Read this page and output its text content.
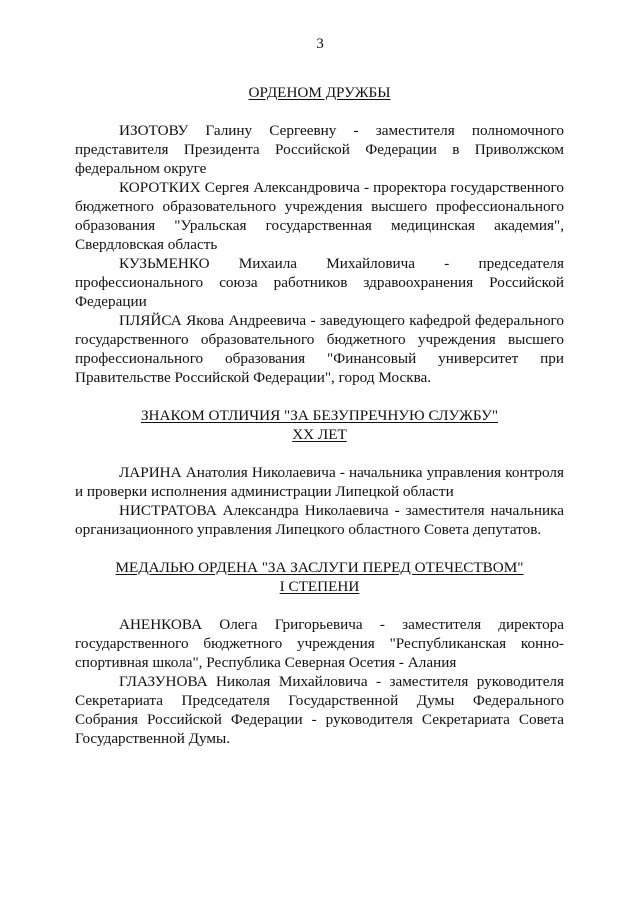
3
ОРДЕНОМ ДРУЖБЫ

ИЗОТОВУ Галину Сергеевну - заместителя полномочного представителя Президента Российской Федерации в Приволжском федеральном округе

КОРОТКИХ Сергея Александровича - проректора государственного бюджетного образовательного учреждения высшего профессионального образования "Уральская государственная медицинская академия", Свердловская область

КУЗЬМЕНКО Михаила Михайловича - председателя профессионального союза работников здравоохранения Российской Федерации

ПЛЯЙСА Якова Андреевича - заведующего кафедрой федерального государственного образовательного бюджетного учреждения высшего профессионального образования "Финансовый университет при Правительстве Российской Федерации", город Москва.

ЗНАКОМ ОТЛИЧИЯ "ЗА БЕЗУПРЕЧНУЮ СЛУЖБУ"
XX ЛЕТ

ЛАРИНА Анатолия Николаевича - начальника управления контроля и проверки исполнения администрации Липецкой области

НИСТРАТОВА Александра Николаевича - заместителя начальника организационного управления Липецкого областного Совета депутатов.

МЕДАЛЬЮ ОРДЕНА "ЗА ЗАСЛУГИ ПЕРЕД ОТЕЧЕСТВОМ"
I СТЕПЕНИ

АНЕНКОВА Олега Григорьевича - заместителя директора государственного бюджетного учреждения "Республиканская конно-спортивная школа", Республика Северная Осетия - Алания

ГЛАЗУНОВА Николая Михайловича - заместителя руководителя Секретариата Председателя Государственной Думы Федерального Собрания Российской Федерации - руководителя Секретариата Совета Государственной Думы.
